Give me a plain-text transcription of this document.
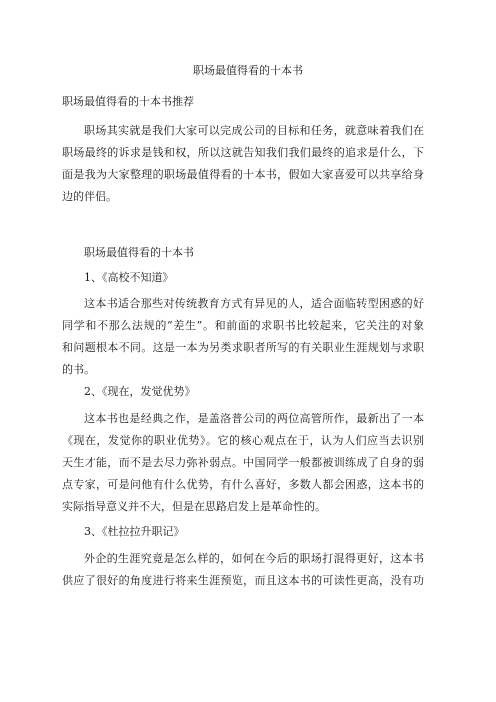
职场最值得看的十本书
职场最值得看的十本书推荐
职场其实就是我们大家可以完成公司的目标和任务，就意味着我们在
职场最终的诉求是钱和权，所以这就告知我们我们最终的追求是什么，下
面是我为大家整理的职场最值得看的十本书，假如大家喜爱可以共享给身
边的伴侣。
职场最值得看的十本书
1、《高校不知道》
这本书适合那些对传统教育方式有异见的人，适合面临转型困惑的好
同学和不那么法规的“差生”。和前面的求职书比较起来，它关注的对象
和问题根本不同。这是一本为另类求职者所写的有关职业生涯规划与求职
的书。
2、《现在，发觉优势》
这本书也是经典之作，是盖洛普公司的两位高管所作，最新出了一本
《现在，发觉你的职业优势》。它的核心观点在于，认为人们应当去识别
天生才能，而不是去尽力弥补弱点。中国同学一般都被训练成了自身的弱
点专家，可是问他有什么优势，有什么喜好，多数人都会困惑，这本书的
实际指导意义并不大，但是在思路启发上是革命性的。
3、《杜拉拉升职记》
外企的生涯究竟是怎么样的，如何在今后的职场打混得更好，这本书
供应了很好的角度进行将来生涯预览，而且这本书的可读性更高，没有功
